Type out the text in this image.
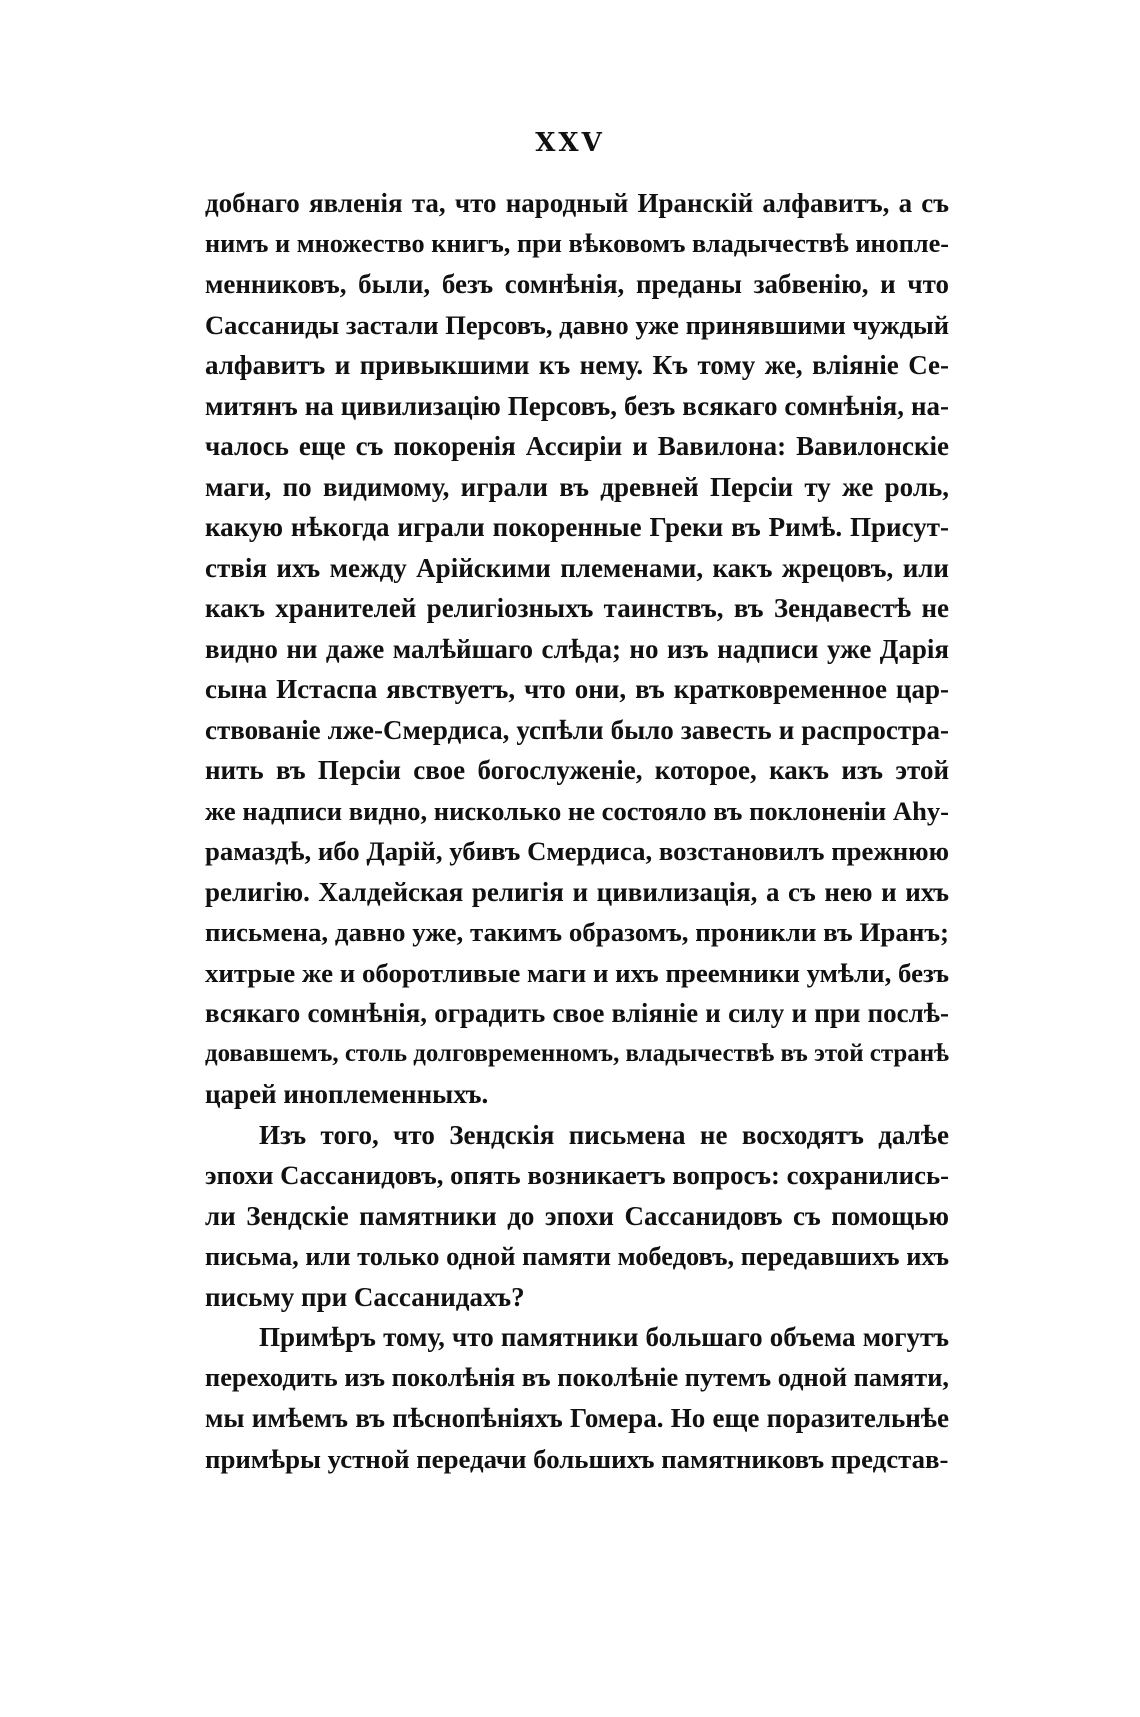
XXV
добнаго явленія та, что народный Иранскій алфавитъ, а съ
нимъ и множество книгъ, при вѣковомъ владычествѣ инопле-
менниковъ, были, безъ сомнѣнія, преданы забвенію, и что
Сассаниды застали Персовъ, давно уже принявшими чуждый
алфавитъ и привыкшими къ нему. Къ тому же, вліяніе Се-
митянъ на цивилизацію Персовъ, безъ всякаго сомнѣнія, на-
чалось еще съ покоренія Ассиріи и Вавилона: Вавилонскіе
маги, по видимому, играли въ древней Персіи ту же роль,
какую нѣкогда играли покоренные Греки въ Римѣ. Присут-
ствія ихъ между Арійскими племенами, какъ жрецовъ, или
какъ хранителей религіозныхъ таинствъ, въ Зендавестѣ не
видно ни даже малѣйшаго слѣда; но изъ надписи уже Дарія
сына Истаспа явствуетъ, что они, въ кратковременное цар-
ствованіе лже-Смердиса, успѣли было завесть и распростра-
нить въ Персіи свое богослуженіе, которое, какъ изъ этой
же надписи видно, нисколько не состояло въ поклоненіи Аһу-
рамаздѣ, ибо Дарій, убивъ Смердиса, возстановилъ прежнюю
религію. Халдейская религія и цивилизація, а съ нею и ихъ
письмена, давно уже, такимъ образомъ, проникли въ Иранъ;
хитрые же и оборотливые маги и ихъ преемники умѣли, безъ
всякаго сомнѣнія, оградить свое вліяніе и силу и при послѣ-
довавшемъ, столь долговременномъ, владычествѣ въ этой странѣ
царей иноплеменныхъ.
Изъ того, что Зендскія письмена не восходятъ далѣе
эпохи Сассанидовъ, опять возникаетъ вопросъ: сохранились-
ли Зендскіе памятники до эпохи Сассанидовъ съ помощью
письма, или только одной памяти мобедовъ, передавшихъ ихъ
письму при Сассанидахъ?
Примѣръ тому, что памятники большаго объема могутъ
переходить изъ поколѣнія въ поколѣніе путемъ одной памяти,
мы имѣемъ въ пѣснопѣніяхъ Гомера. Но еще поразительнѣе
примѣры устной передачи большихъ памятниковъ представ-
